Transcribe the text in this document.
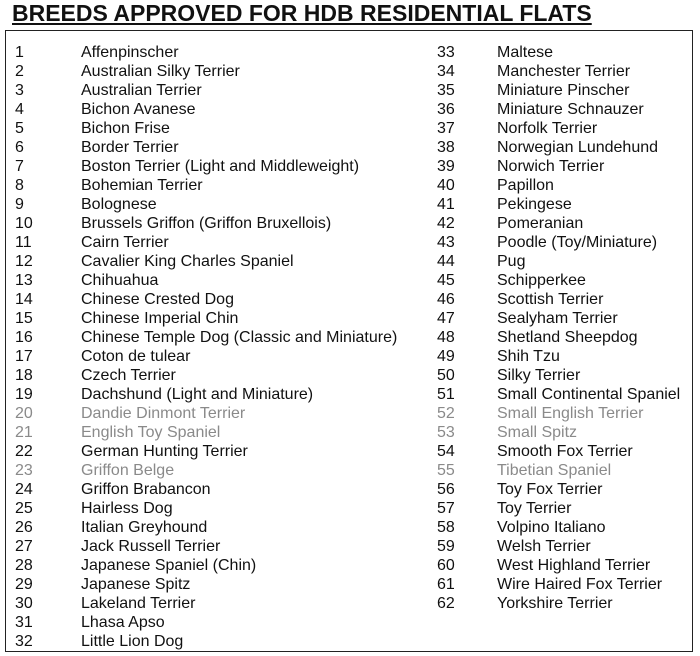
BREEDS APPROVED FOR HDB RESIDENTIAL FLATS
1	Affenpinscher
2	Australian Silky Terrier
3	Australian Terrier
4	Bichon Avanese
5	Bichon Frise
6	Border Terrier
7	Boston Terrier (Light and Middleweight)
8	Bohemian Terrier
9	Bolognese
10	Brussels Griffon (Griffon Bruxellois)
11	Cairn Terrier
12	Cavalier King Charles Spaniel
13	Chihuahua
14	Chinese Crested Dog
15	Chinese Imperial Chin
16	Chinese Temple Dog (Classic and Miniature)
17	Coton de tulear
18	Czech Terrier
19	Dachshund (Light and Miniature)
20	Dandie Dinmont Terrier
21	English Toy Spaniel
22	German Hunting Terrier
23	Griffon Belge
24	Griffon Brabancon
25	Hairless Dog
26	Italian Greyhound
27	Jack Russell Terrier
28	Japanese Spaniel (Chin)
29	Japanese Spitz
30	Lakeland Terrier
31	Lhasa Apso
32	Little Lion Dog
33	Maltese
34	Manchester Terrier
35	Miniature Pinscher
36	Miniature Schnauzer
37	Norfolk Terrier
38	Norwegian Lundehund
39	Norwich Terrier
40	Papillon
41	Pekingese
42	Pomeranian
43	Poodle (Toy/Miniature)
44	Pug
45	Schipperkee
46	Scottish Terrier
47	Sealyham Terrier
48	Shetland Sheepdog
49	Shih Tzu
50	Silky Terrier
51	Small Continental Spaniel
52	Small English Terrier
53	Small Spitz
54	Smooth Fox Terrier
55	Tibetian Spaniel
56	Toy Fox Terrier
57	Toy Terrier
58	Volpino Italiano
59	Welsh Terrier
60	West Highland Terrier
61	Wire Haired Fox Terrier
62	Yorkshire Terrier
